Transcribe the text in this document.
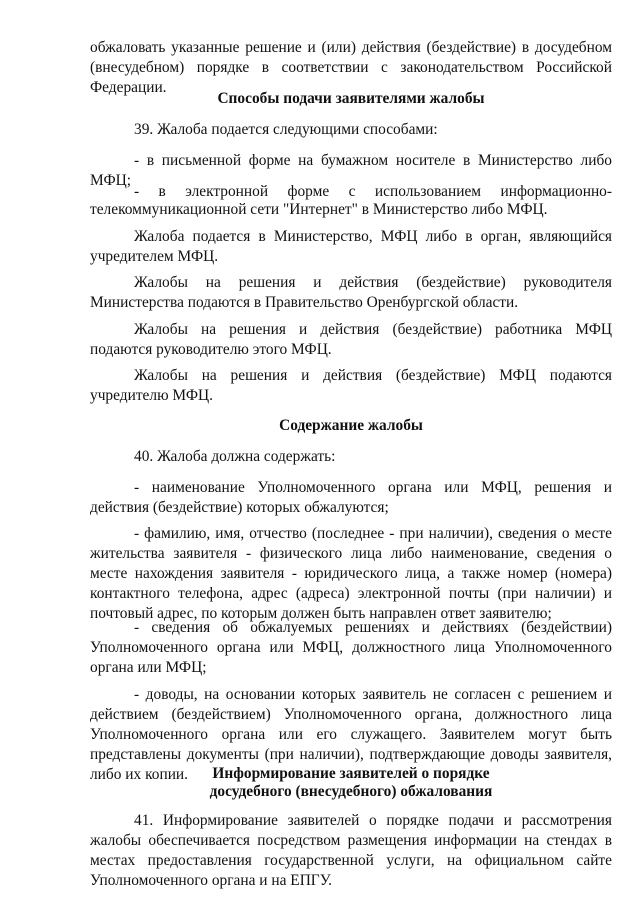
обжаловать указанные решение и (или) действия (бездействие) в досудебном (внесудебном) порядке в соответствии с законодательством Российской Федерации.

Способы подачи заявителями жалобы

39. Жалоба подается следующими способами:

- в письменной форме на бумажном носителе в Министерство либо МФЦ;

- в электронной форме с использованием информационно-

телекоммуникационной сети "Интернет" в Министерство либо МФЦ.

Жалоба подается в Министерство, МФЦ либо в орган, являющийся учредителем МФЦ.

Жалобы на решения и действия (бездействие) руководителя Министерства подаются в Правительство Оренбургской области.

Жалобы на решения и действия (бездействие) работника МФЦ подаются руководителю этого МФЦ.

Жалобы на решения и действия (бездействие) МФЦ подаются учредителю МФЦ.

Содержание жалобы

40. Жалоба должна содержать:

- наименование Уполномоченного органа или МФЦ, решения и действия (бездействие) которых обжалуются;

- фамилию, имя, отчество (последнее - при наличии), сведения о месте жительства заявителя - физического лица либо наименование, сведения о месте нахождения заявителя - юридического лица, а также номер (номера) контактного телефона, адрес (адреса) электронной почты (при наличии) и почтовый адрес, по которым должен быть направлен ответ заявителю;

- сведения об обжалуемых решениях и действиях (бездействии) Уполномоченного органа или МФЦ, должностного лица Уполномоченного органа или МФЦ;

- доводы, на основании которых заявитель не согласен с решением и действием (бездействием) Уполномоченного органа, должностного лица Уполномоченного органа или его служащего. Заявителем могут быть представлены документы (при наличии), подтверждающие доводы заявителя, либо их копии.	Информирование заявителей о порядке

досудебного (внесудебного) обжалования

41. Информирование заявителей о порядке подачи и рассмотрения жалобы обеспечивается посредством размещения информации на стендах в местах предоставления государственной услуги, на официальном сайте Уполномоченного органа и на ЕПГУ.
